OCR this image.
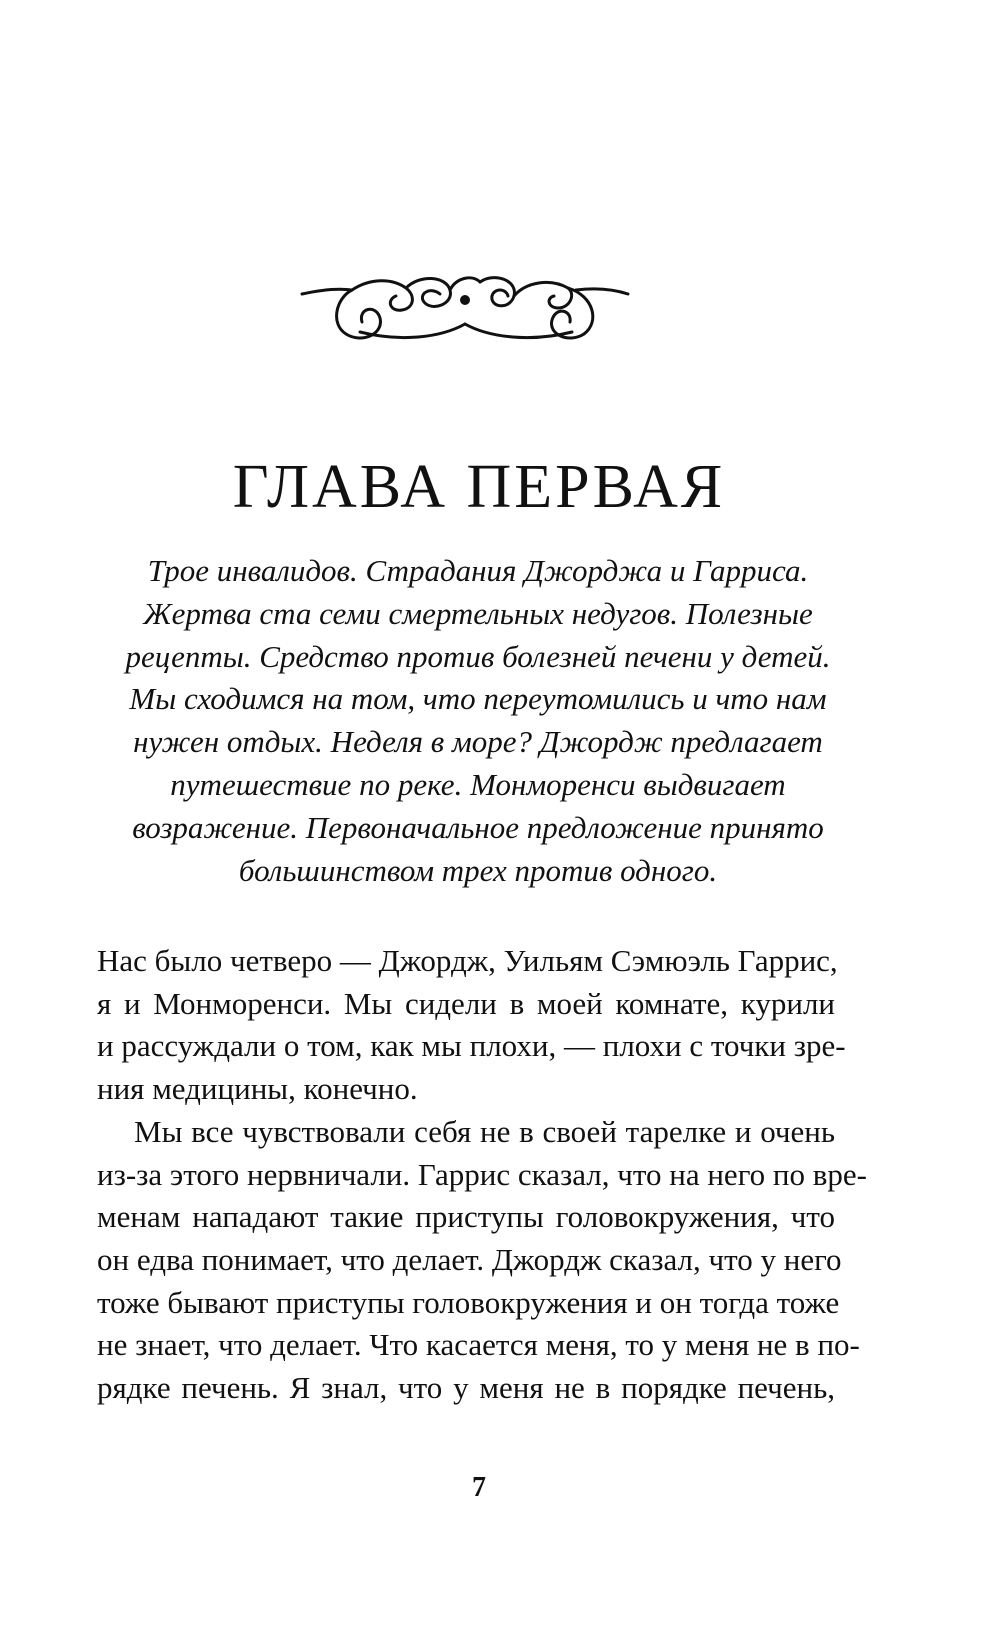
ГЛАВА ПЕРВАЯ

Трое инвалидов. Страдания Джорджа и Гарриса.
Жертва ста семи смертельных недугов. Полезные
рецепты. Средство против болезней печени у детей.
Мы сходимся на том, что переутомились и что нам
нужен отдых. Неделя в море? Джордж предлагает
путешествие по реке. Монморенси выдвигает
возражение. Первоначальное предложение принято
большинством трех против одного.

Нас было четверо — Джордж, Уильям Сэмюэль Гаррис,
я и Монморенси. Мы сидели в моей комнате, курили
и рассуждали о том, как мы плохи, — плохи с точки зре-
ния медицины, конечно.
Мы все чувствовали себя не в своей тарелке и очень
из-за этого нервничали. Гаррис сказал, что на него по вре-
менам нападают такие приступы головокружения, что
он едва понимает, что делает. Джордж сказал, что у него
тоже бывают приступы головокружения и он тогда тоже
не знает, что делает. Что касается меня, то у меня не в по-
рядке печень. Я знал, что у меня не в порядке печень,
7
